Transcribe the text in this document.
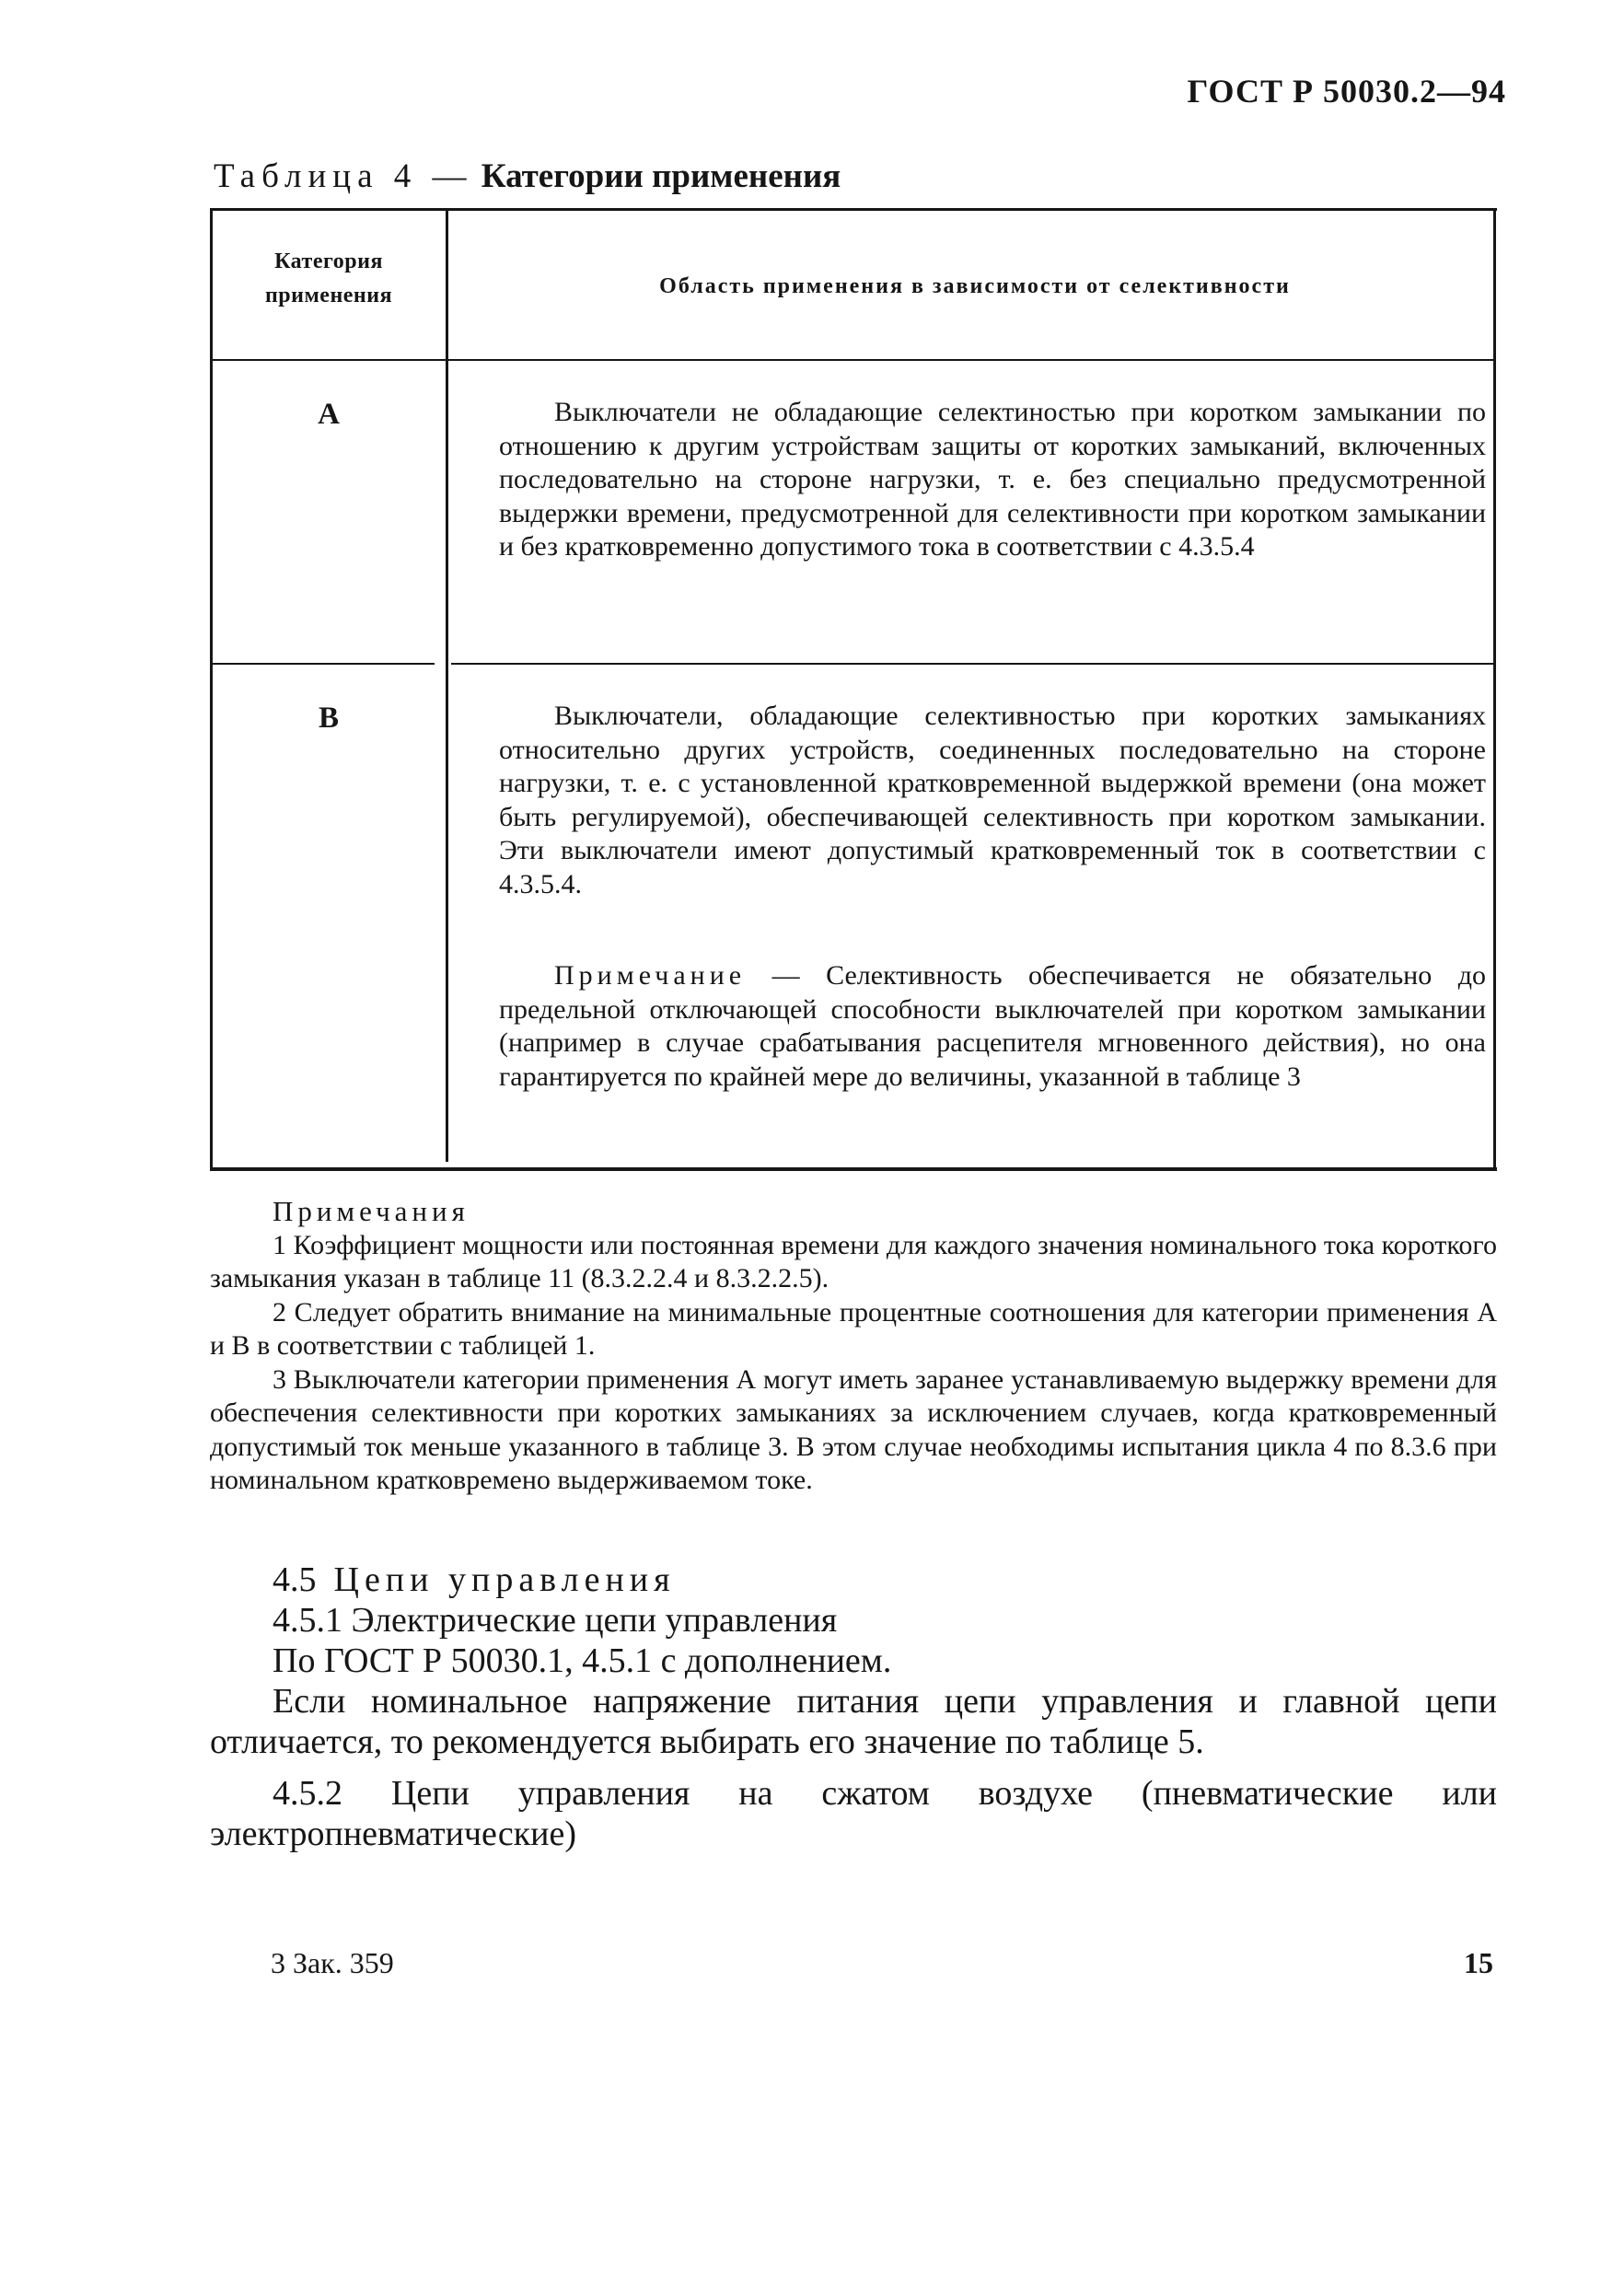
ГОСТ Р 50030.2—94
Таблица 4 — Категории применения
Категория применения	Область применения в зависимости от селективности
А	Выключатели не обладающие селектиностью при коротком замыкании по отношению к другим устройствам защиты от коротких замыканий, включенных последовательно на стороне нагрузки, т. е. без специально предусмотренной выдержки времени, предусмотренной для селективности при коротком замыкании и без кратковременно допустимого тока в соответствии с 4.3.5.4
В	Выключатели, обладающие селективностью при коротких замыканиях относительно других устройств, соединенных последовательно на стороне нагрузки, т. е. с установленной кратковременной выдержкой времени (она может быть регулируемой), обеспечивающей селективность при коротком замыкании. Эти выключатели имеют допустимый кратковременный ток в соответствии с 4.3.5.4.
Примечание — Селективность обеспечивается не обязательно до предельной отключающей способности выключателей при коротком замыкании (например в случае срабатывания расцепителя мгновенного действия), но она гарантируется по крайней мере до величины, указанной в таблице 3
Примечания

1 Коэффициент мощности или постоянная времени для каждого значения номинального тока короткого замыкания указан в таблице 11 (8.3.2.2.4 и 8.3.2.2.5).

2 Следует обратить внимание на минимальные процентные соотношения для категории применения А и В в соответствии с таблицей 1.

3 Выключатели категории применения А могут иметь заранее устанавливаемую выдержку времени для обеспечения селективности при коротких замыканиях за исключением случаев, когда кратковременный допустимый ток меньше указанного в таблице 3. В этом случае необходимы испытания цикла 4 по 8.3.6 при номинальном кратковремено выдерживаемом токе.

4.5 Цепи управления
4.5.1 Электрические цепи управления
По ГОСТ Р 50030.1, 4.5.1 с дополнением.

Если номинальное напряжение питания цепи управления и главной цепи отличается, то рекомендуется выбирать его значение по таблице 5.

4.5.2 Цепи управления на сжатом воздухе (пневматические или электропневматические)

3 Зак. 359	15
